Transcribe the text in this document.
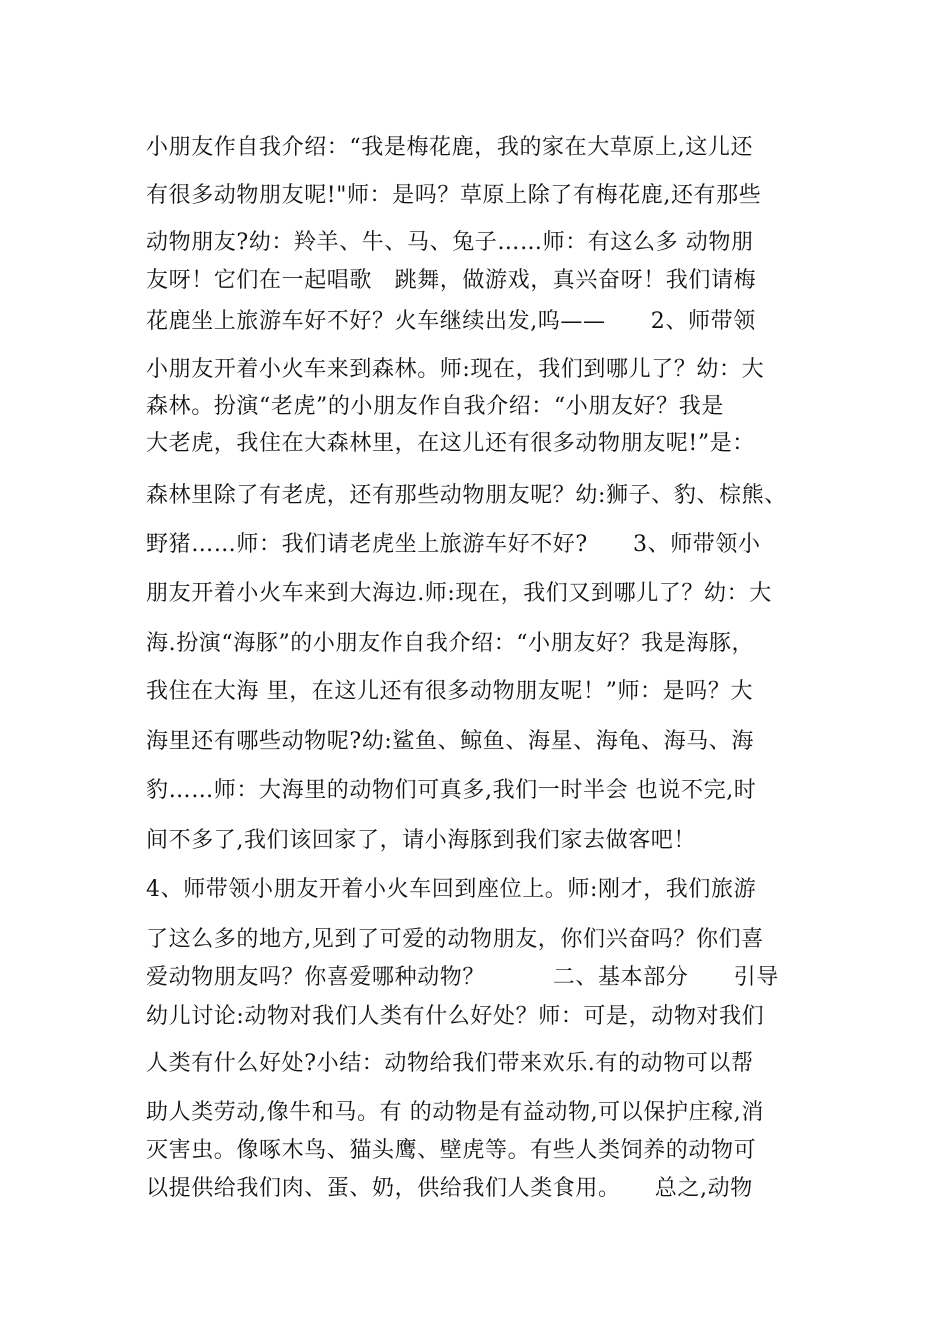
小朋友作自我介绍：“我是梅花鹿，我的家在大草原上,这儿还
有很多动物朋友呢!"师：是吗？草原上除了有梅花鹿,还有那些
动物朋友?幼：羚羊、牛、马、兔子……师：有这么多 动物朋
友呀！它们在一起唱歌　跳舞，做游戏，真兴奋呀！我们请梅
花鹿坐上旅游车好不好？火车继续出发,呜——　　2、师带领
小朋友开着小火车来到森林。师:现在，我们到哪儿了？幼：大
森林。扮演“老虎”的小朋友作自我介绍：“小朋友好？我是
大老虎，我住在大森林里，在这儿还有很多动物朋友呢!”是：
森林里除了有老虎，还有那些动物朋友呢？幼:狮子、豹、棕熊、
野猪……师：我们请老虎坐上旅游车好不好?　　3、师带领小
朋友开着小火车来到大海边.师:现在，我们又到哪儿了？幼：大
海.扮演“海豚”的小朋友作自我介绍：“小朋友好？我是海豚，
我住在大海 里，在这儿还有很多动物朋友呢！”师：是吗？大
海里还有哪些动物呢?幼:鲨鱼、鲸鱼、海星、海龟、海马、海
豹……师：大海里的动物们可真多,我们一时半会 也说不完,时
间不多了,我们该回家了，请小海豚到我们家去做客吧！
4、师带领小朋友开着小火车回到座位上。师:刚才，我们旅游
了这么多的地方,见到了可爱的动物朋友，你们兴奋吗？你们喜
爱动物朋友吗？你喜爱哪种动物？　　　二、基本部分　　引导
幼儿讨论:动物对我们人类有什么好处？师：可是，动物对我们
人类有什么好处?小结：动物给我们带来欢乐.有的动物可以帮
助人类劳动,像牛和马。有 的动物是有益动物,可以保护庄稼,消
灭害虫。像啄木鸟、猫头鹰、壁虎等。有些人类饲养的动物可
以提供给我们肉、蛋、奶，供给我们人类食用。　　总之,动物
